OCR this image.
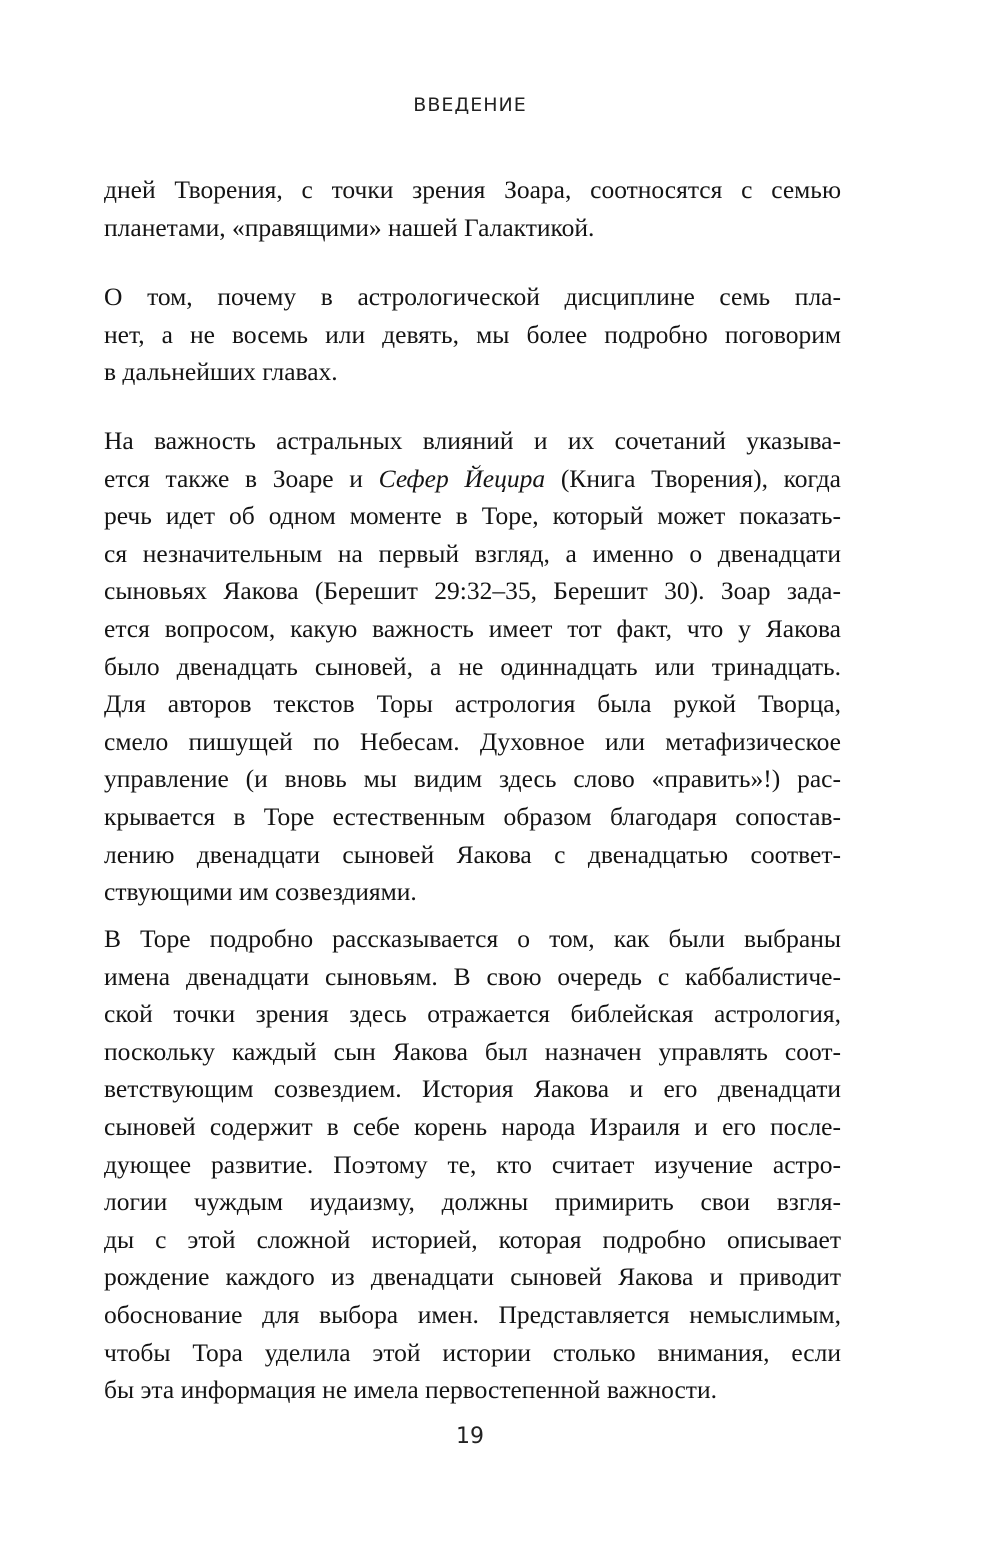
ВВЕДЕНИЕ
дней Творения, с точки зрения Зоара, соотносятся с семью
планетами, «правящими» нашей Галактикой.
О том, почему в астрологической дисциплине семь пла-
нет, а не восемь или девять, мы более подробно поговорим
в дальнейших главах.
На важность астральных влияний и их сочетаний указыва-
ется также в Зоаре и Сефер Йецира (Книга Творения), когда
речь идет об одном моменте в Торе, который может показать-
ся незначительным на первый взгляд, а именно о двенадцати
сыновьях Яакова (Берешит 29:32–35, Берешит 30). Зоар зада-
ется вопросом, какую важность имеет тот факт, что у Яакова
было двенадцать сыновей, а не одиннадцать или тринадцать.
Для авторов текстов Торы астрология была рукой Творца,
смело пишущей по Небесам. Духовное или метафизическое
управление (и вновь мы видим здесь слово «править»!) рас-
крывается в Торе естественным образом благодаря сопостав-
лению двенадцати сыновей Яакова с двенадцатью соответ-
ствующими им созвездиями.
В Торе подробно рассказывается о том, как были выбраны
имена двенадцати сыновьям. В свою очередь с каббалистиче-
ской точки зрения здесь отражается библейская астрология,
поскольку каждый сын Яакова был назначен управлять соот-
ветствующим созвездием. История Яакова и его двенадцати
сыновей содержит в себе корень народа Израиля и его после-
дующее развитие. Поэтому те, кто считает изучение астро-
логии чуждым иудаизму, должны примирить свои взгля-
ды с этой сложной историей, которая подробно описывает
рождение каждого из двенадцати сыновей Яакова и приводит
обоснование для выбора имен. Представляется немыслимым,
чтобы Тора уделила этой истории столько внимания, если
бы эта информация не имела первостепенной важности.
19
